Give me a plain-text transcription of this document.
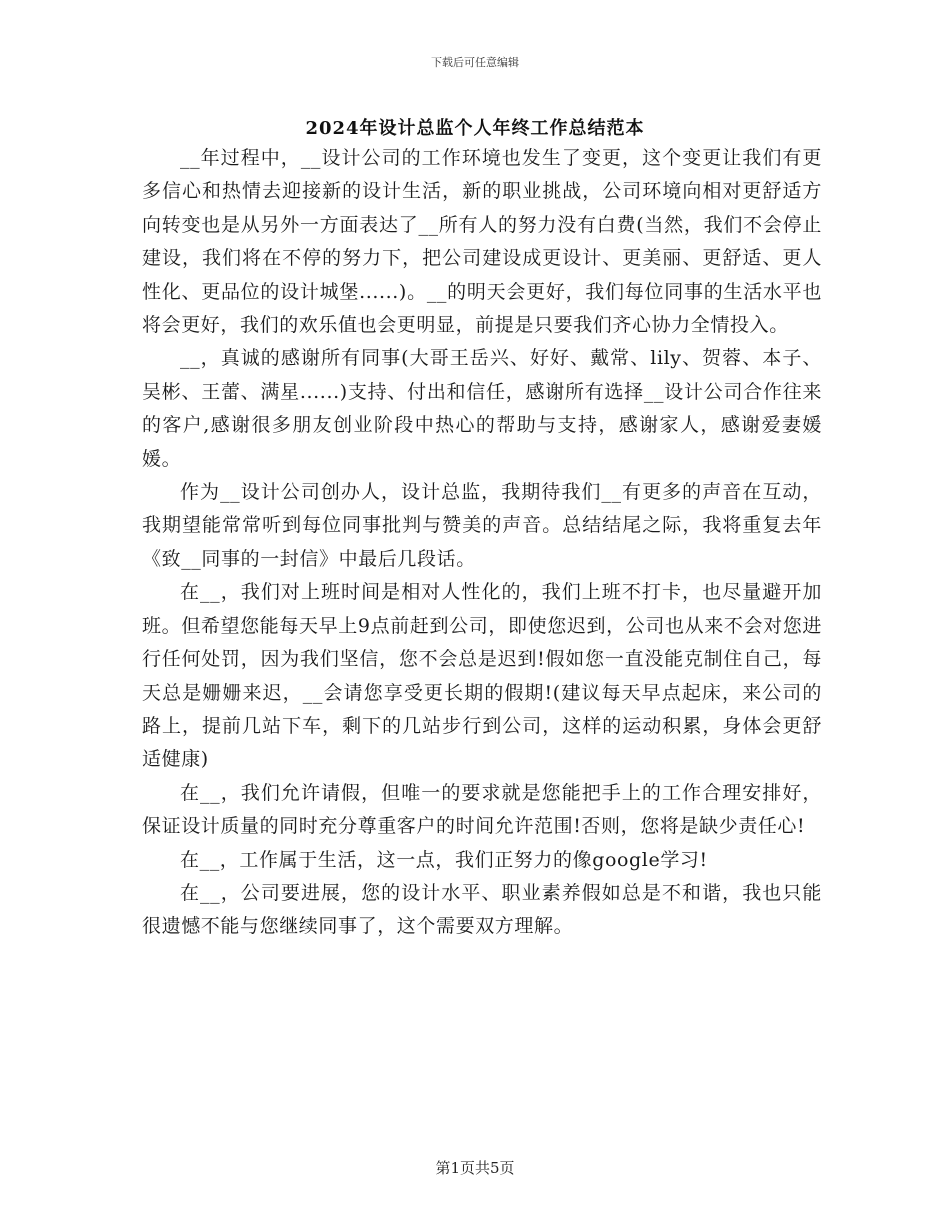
下载后可任意编辑
2024年设计总监个人年终工作总结范本

__年过程中，__设计公司的工作环境也发生了变更，这个变更让我们有更多信心和热情去迎接新的设计生活，新的职业挑战，公司环境向相对更舒适方向转变也是从另外一方面表达了__所有人的努力没有白费(当然，我们不会停止建设，我们将在不停的努力下，把公司建设成更设计、更美丽、更舒适、更人性化、更品位的设计城堡......)。__的明天会更好，我们每位同事的生活水平也将会更好，我们的欢乐值也会更明显，前提是只要我们齐心协力全情投入。

__，真诚的感谢所有同事(大哥王岳兴、好好、戴常、lily、贺蓉、本子、吴彬、王蕾、满星......)支持、付出和信任，感谢所有选择__设计公司合作往来的客户,感谢很多朋友创业阶段中热心的帮助与支持，感谢家人，感谢爱妻媛媛。

作为__设计公司创办人，设计总监，我期待我们__有更多的声音在互动，我期望能常常听到每位同事批判与赞美的声音。总结结尾之际，我将重复去年《致__同事的一封信》中最后几段话。

在__，我们对上班时间是相对人性化的，我们上班不打卡，也尽量避开加班。但希望您能每天早上9点前赶到公司，即使您迟到，公司也从来不会对您进行任何处罚，因为我们坚信，您不会总是迟到!假如您一直没能克制住自己，每天总是姗姗来迟，__会请您享受更长期的假期!(建议每天早点起床，来公司的路上，提前几站下车，剩下的几站步行到公司，这样的运动积累，身体会更舒适健康)

在__，我们允许请假，但唯一的要求就是您能把手上的工作合理安排好，保证设计质量的同时充分尊重客户的时间允许范围!否则，您将是缺少责任心!

在__，工作属于生活，这一点，我们正努力的像google学习!

在__，公司要进展，您的设计水平、职业素养假如总是不和谐，我也只能很遗憾不能与您继续同事了，这个需要双方理解。

第1页共5页
